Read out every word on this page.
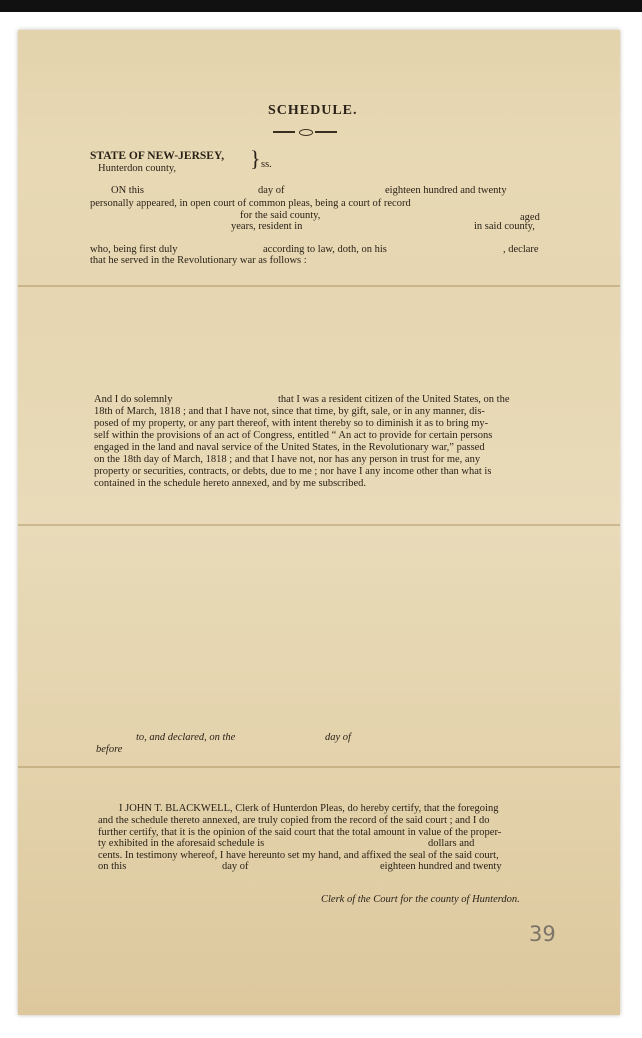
SCHEDULE.
STATE OF NEW-JERSEY,
Hunterdon county,	} ss.
ON this	day of	eighteen hundred and twenty
personally appeared, in open court of common pleas, being a court of record
for the said county,	aged
years, resident in	in said county,
who, being first duly	according to law, doth, on his	, declare
that he served in the Revolutionary war as follows :
And I do solemnly	that I was a resident citizen of the United States, on the
18th of March, 1818 ; and that I have not, since that time, by gift, sale, or in any manner, dis-
posed of my property, or any part thereof, with intent thereby so to diminish it as to bring my-
self within the provisions of an act of Congress, entitled “ An act to provide for certain persons
engaged in the land and naval service of the United States, in the Revolutionary war,” passed
on the 18th day of March, 1818 ; and that I have not, nor has any person in trust for me, any
property or securities, contracts, or debts, due to me ; nor have I any income other than what is
contained in the schedule hereto annexed, and by me subscribed.
to, and declared, on the	day of
before
I JOHN T. BLACKWELL, Clerk of Hunterdon Pleas, do hereby certify, that the foregoing
and the schedule thereto annexed, are truly copied from the record of the said court ; and I do
further certify, that it is the opinion of the said court that the total amount in value of the proper-
ty exhibited in the aforesaid schedule is	dollars and
cents. In testimony whereof, I have hereunto set my hand, and affixed the seal of the said court,
on this	day of	eighteen hundred and twenty
Clerk of the Court for the county of Hunterdon.
39
